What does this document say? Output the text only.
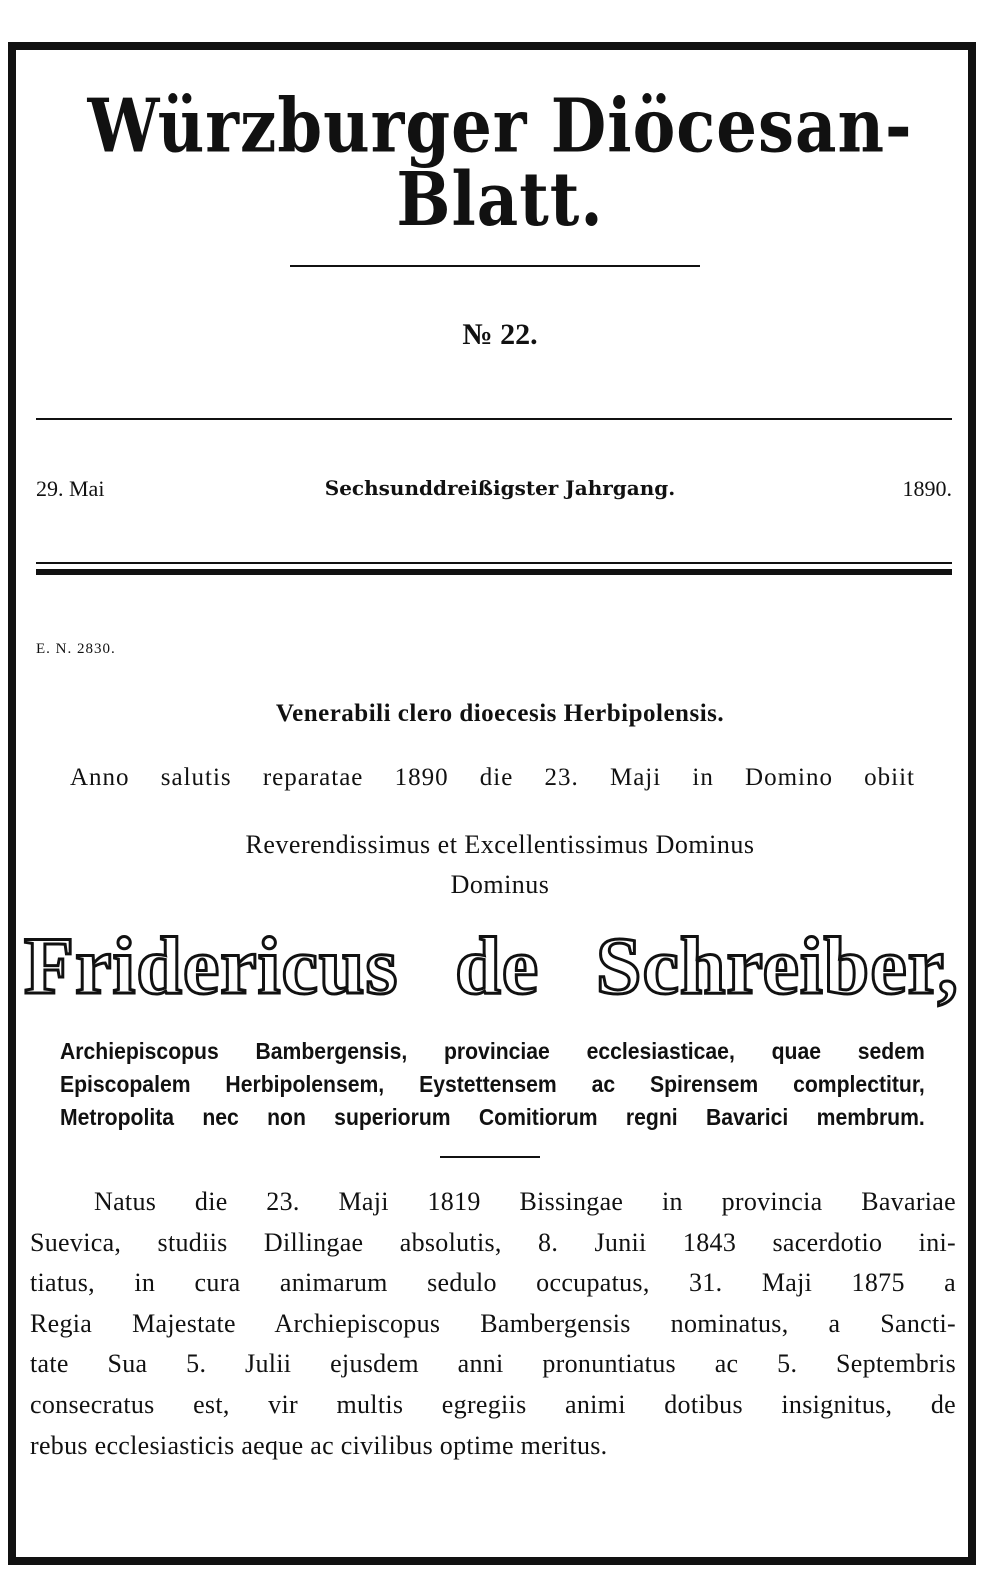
Würzburger Diöcesan-Blatt.
№ 22.
29. Mai	Sechsunddreißigster Jahrgang.	1890.
E. N. 2830.
Venerabili clero dioecesis Herbipolensis.
Anno salutis reparatae 1890 die 23. Maji in Domino obiit
Reverendissimus et Excellentissimus Dominus
Dominus
Fridericus de Schreiber,
Archiepiscopus Bambergensis, provinciae ecclesiasticae, quae sedem
Episcopalem Herbipolensem, Eystettensem ac Spirensem complectitur,
Metropolita nec non superiorum Comitiorum regni Bavarici membrum.
Natus die 23. Maji 1819 Bissingae in provincia Bavariae
Suevica, studiis Dillingae absolutis, 8. Junii 1843 sacerdotio ini-
tiatus, in cura animarum sedulo occupatus, 31. Maji 1875 a
Regia Majestate Archiepiscopus Bambergensis nominatus, a Sancti-
tate Sua 5. Julii ejusdem anni pronuntiatus ac 5. Septembris
consecratus est, vir multis egregiis animi dotibus insignitus, de
rebus ecclesiasticis aeque ac civilibus optime meritus.
